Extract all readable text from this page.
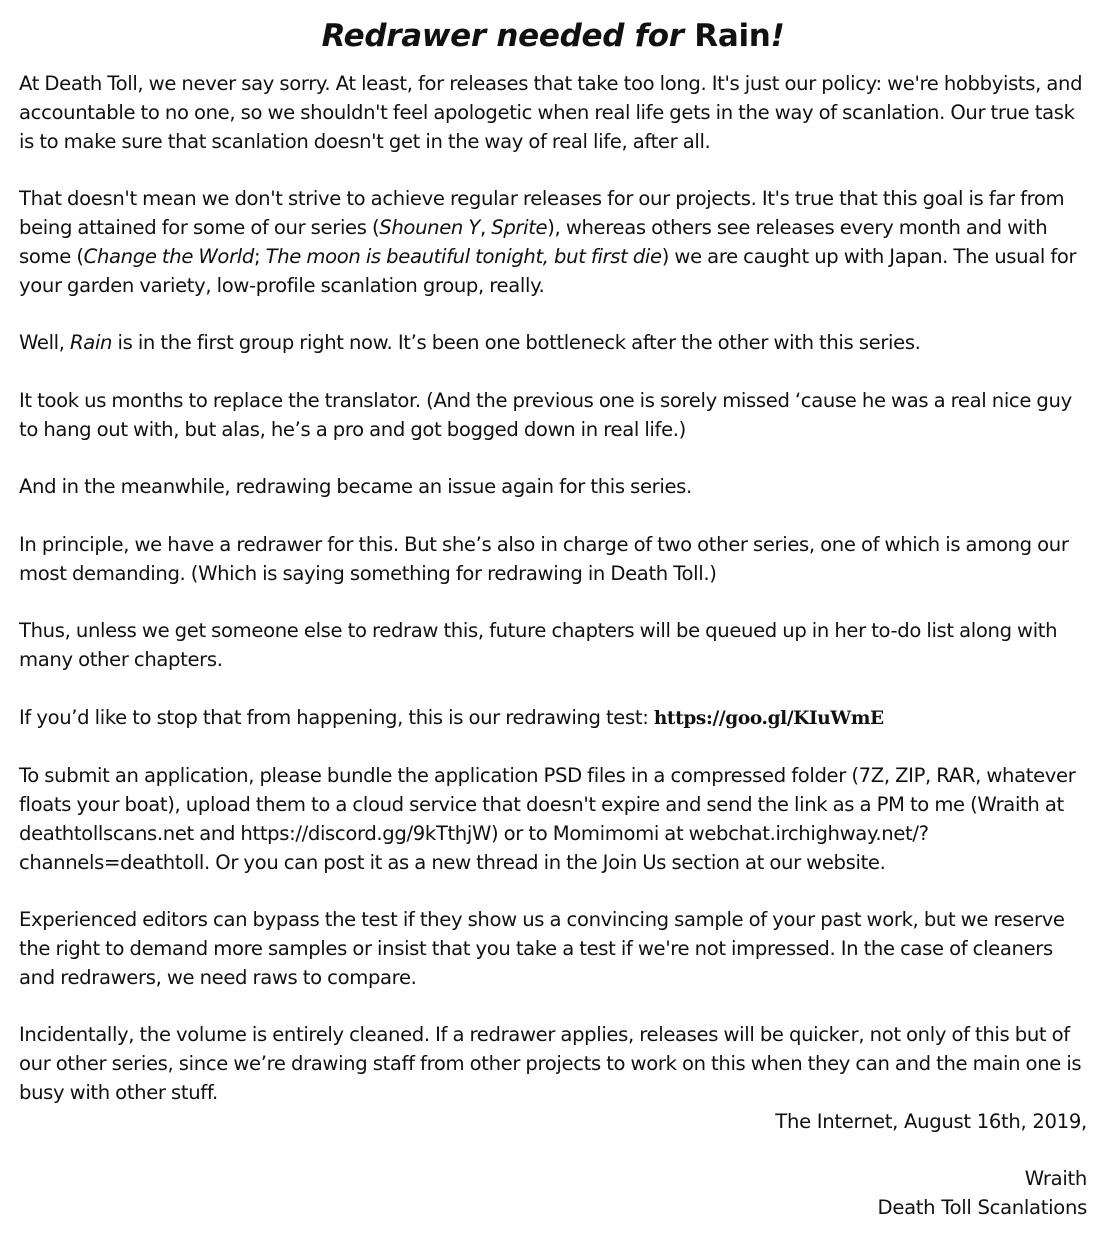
Redrawer needed for Rain!

At Death Toll, we never say sorry. At least, for releases that take too long. It's just our policy: we're hobbyists, and accountable to no one, so we shouldn't feel apologetic when real life gets in the way of scanlation. Our true task is to make sure that scanlation doesn't get in the way of real life, after all.

That doesn't mean we don't strive to achieve regular releases for our projects. It's true that this goal is far from being attained for some of our series (Shounen Y, Sprite), whereas others see releases every month and with some (Change the World; The moon is beautiful tonight, but first die) we are caught up with Japan. The usual for your garden variety, low-profile scanlation group, really.

Well, Rain is in the first group right now. It’s been one bottleneck after the other with this series.

It took us months to replace the translator. (And the previous one is sorely missed ‘cause he was a real nice guy to hang out with, but alas, he’s a pro and got bogged down in real life.)

And in the meanwhile, redrawing became an issue again for this series.

In principle, we have a redrawer for this. But she’s also in charge of two other series, one of which is among our most demanding. (Which is saying something for redrawing in Death Toll.)

Thus, unless we get someone else to redraw this, future chapters will be queued up in her to-do list along with many other chapters.

If you’d like to stop that from happening, this is our redrawing test: https://goo.gl/KIuWmE

To submit an application, please bundle the application PSD files in a compressed folder (7Z, ZIP, RAR, whatever floats your boat), upload them to a cloud service that doesn't expire and send the link as a PM to me (Wraith at deathtollscans.net and https://discord.gg/9kTthjW) or to Momimomi at webchat.irchighway.net/?channels=deathtoll. Or you can post it as a new thread in the Join Us section at our website.

Experienced editors can bypass the test if they show us a convincing sample of your past work, but we reserve the right to demand more samples or insist that you take a test if we're not impressed. In the case of cleaners and redrawers, we need raws to compare.

Incidentally, the volume is entirely cleaned. If a redrawer applies, releases will be quicker, not only of this but of our other series, since we’re drawing staff from other projects to work on this when they can and the main one is busy with other stuff.

The Internet, August 16th, 2019,
Wraith
Death Toll Scanlations
